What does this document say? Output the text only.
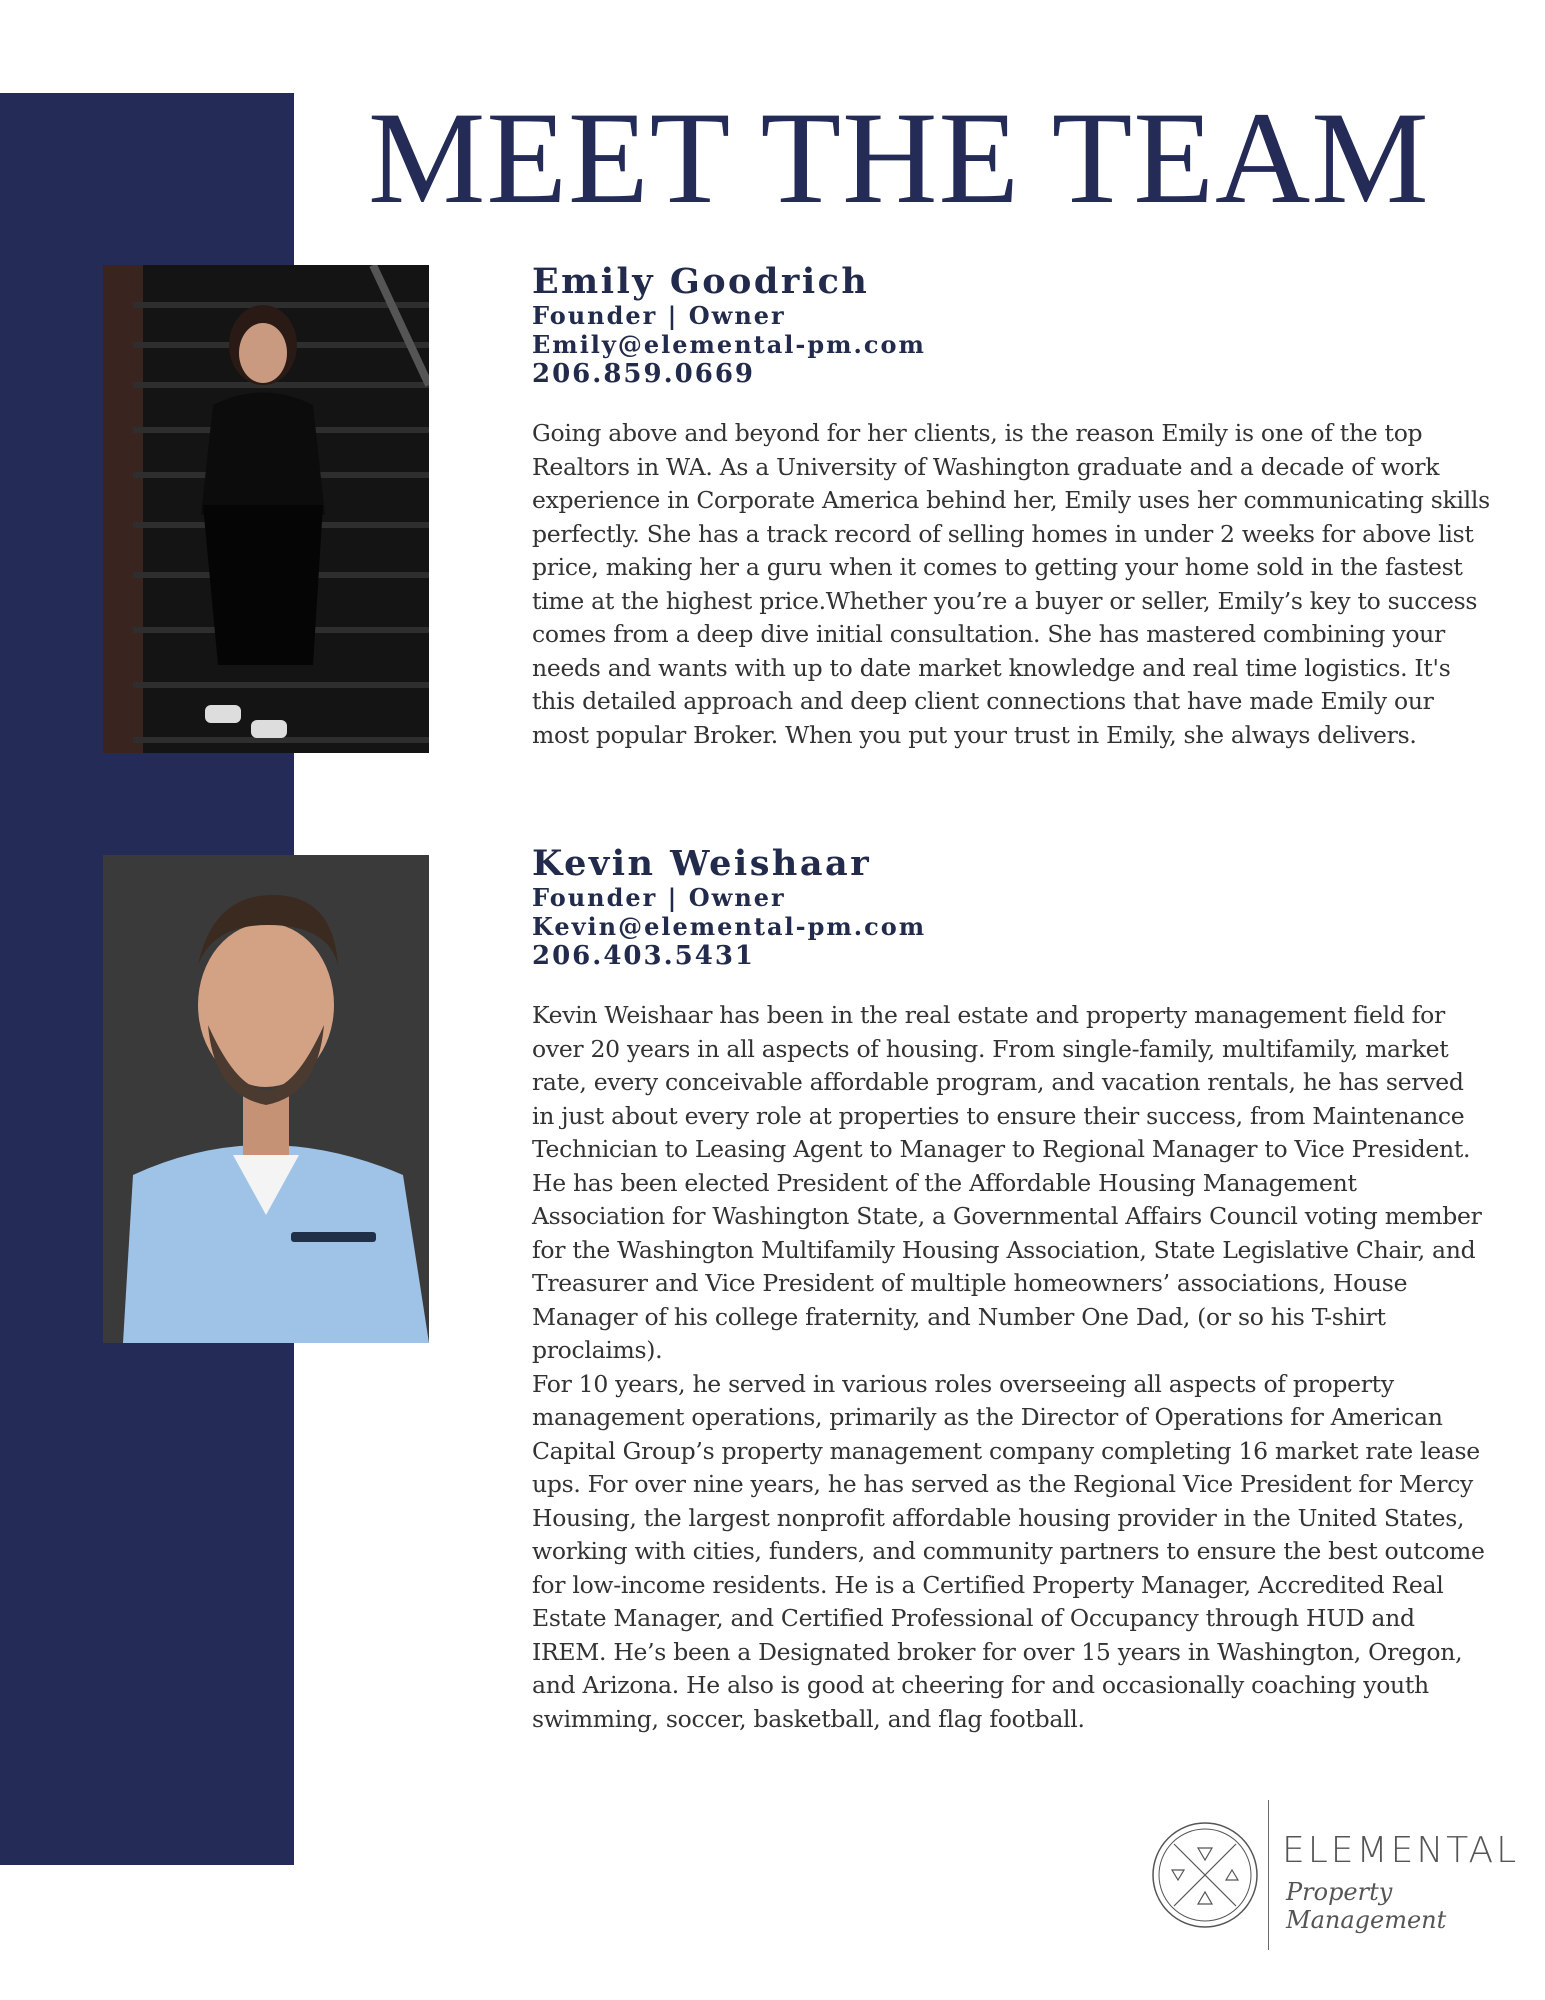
MEET THE TEAM
Emily Goodrich
Founder | Owner
Emily@elemental-pm.com
206.859.0669

Going above and beyond for her clients, is the reason Emily is one of the top Realtors in WA. As a University of Washington graduate and a decade of work experience in Corporate America behind her, Emily uses her communicating skills perfectly. She has a track record of selling homes in under 2 weeks for above list price, making her a guru when it comes to getting your home sold in the fastest time at the highest price.Whether you’re a buyer or seller, Emily’s key to success comes from a deep dive initial consultation. She has mastered combining your needs and wants with up to date market knowledge and real time logistics. It's this detailed approach and deep client connections that have made Emily our most popular Broker. When you put your trust in Emily, she always delivers.

Kevin Weishaar
Founder | Owner
Kevin@elemental-pm.com
206.403.5431

Kevin Weishaar has been in the real estate and property management field for over 20 years in all aspects of housing. From single-family, multifamily, market rate, every conceivable affordable program, and vacation rentals, he has served in just about every role at properties to ensure their success, from Maintenance Technician to Leasing Agent to Manager to Regional Manager to Vice President. He has been elected President of the Affordable Housing Management Association for Washington State, a Governmental Affairs Council voting member for the Washington Multifamily Housing Association, State Legislative Chair, and Treasurer and Vice President of multiple homeowners’ associations, House Manager of his college fraternity, and Number One Dad, (or so his T-shirt proclaims).

For 10 years, he served in various roles overseeing all aspects of property management operations, primarily as the Director of Operations for American Capital Group’s property management company completing 16 market rate lease ups. For over nine years, he has served as the Regional Vice President for Mercy Housing, the largest nonprofit affordable housing provider in the United States, working with cities, funders, and community partners to ensure the best outcome for low-income residents. He is a Certified Property Manager, Accredited Real Estate Manager, and Certified Professional of Occupancy through HUD and IREM. He’s been a Designated broker for over 15 years in Washington, Oregon, and Arizona. He also is good at cheering for and occasionally coaching youth swimming, soccer, basketball, and flag football.

ELEMENTAL
Property Management
